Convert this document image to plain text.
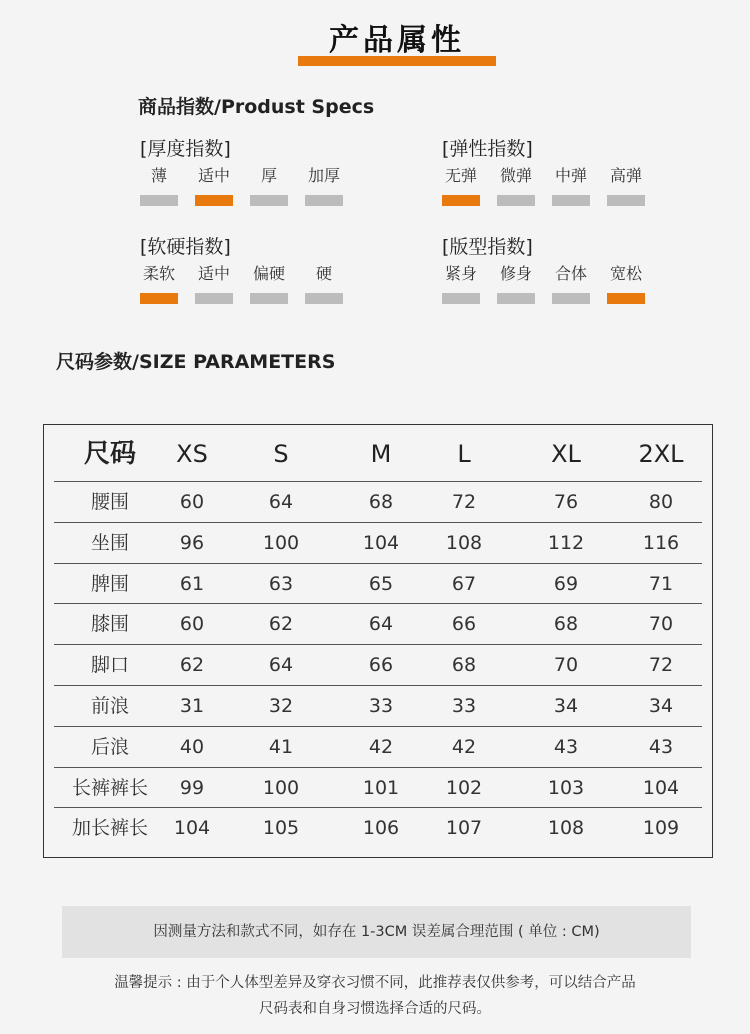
产品属性
商品指数/Produst Specs
[厚度指数]
薄	适中	厚	加厚
[弹性指数]
无弹 微弹 中弹 高弹
[软硬指数]
柔软 适中 偏硬	硬
[版型指数]
紧身 修身 合体 宽松
尺码参数/SIZE PARAMETERS
尺码	XS	S	M	L	XL	2XL
腰围	60	64	68	72	76	80
坐围	96	100	104	108	112	116
脾围	61	63	65	67	69	71
膝围	60	62	64	66	68	70
脚口	62	64	66	68	70	72
前浪	31	32	33	33	34	34
后浪	40	41	42	42	43	43
长裤裤长	99	100	101	102	103	104
加长裤长	104	105	106	107	108	109
因测量方法和款式不同，如存在 1-3CM 误差属合理范围 ( 单位 : CM)
温馨提示 : 由于个人体型差异及穿衣习惯不同，此推荐表仅供参考，可以结合产品
尺码表和自身习惯选择合适的尺码。
